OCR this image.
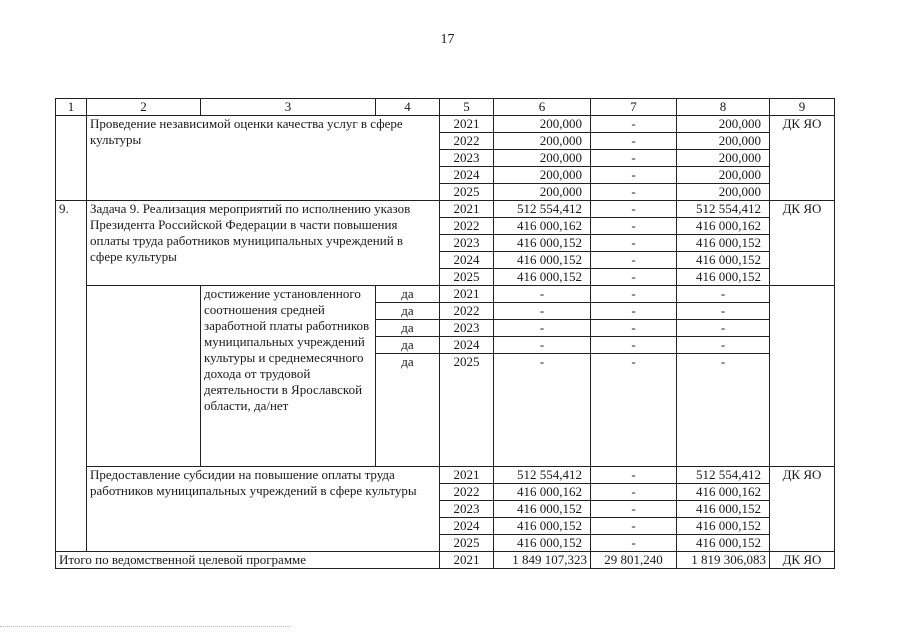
17
1	2	3	4	5	6	7	8	9
	Проведение независимой оценки качества услуг в сфере культуры			2021	200,000	-	200,000	ДК ЯО
				2022	200,000	-	200,000	
				2023	200,000	-	200,000	
				2024	200,000	-	200,000	
				2025	200,000	-	200,000	
9.	Задача 9. Реализация мероприятий по исполнению указов Президента Российской Федерации в части повышения оплаты труда работников муниципальных учреждений в сфере культуры			2021	512 554,412	-	512 554,412	ДК ЯО
				2022	416 000,162	-	416 000,162	
				2023	416 000,152	-	416 000,152	
				2024	416 000,152	-	416 000,152	
				2025	416 000,152	-	416 000,152	
		достижение установленного соотношения средней заработной платы работников муниципальных учреждений культуры и среднемесячного дохода от трудовой деятельности в Ярославской области, да/нет	да	2021	-	-	-	
			да	2022	-	-	-	
			да	2023	-	-	-	
			да	2024	-	-	-	
			да	2025	-	-	-	
	Предоставление субсидии на повышение оплаты труда работников муниципальных учреждений в сфере культуры			2021	512 554,412	-	512 554,412	ДК ЯО
				2022	416 000,162	-	416 000,162	
				2023	416 000,152	-	416 000,152	
				2024	416 000,152	-	416 000,152	
				2025	416 000,152	-	416 000,152	
Итого по ведомственной целевой программе				2021	1 849 107,323	29 801,240	1 819 306,083	ДК ЯО
